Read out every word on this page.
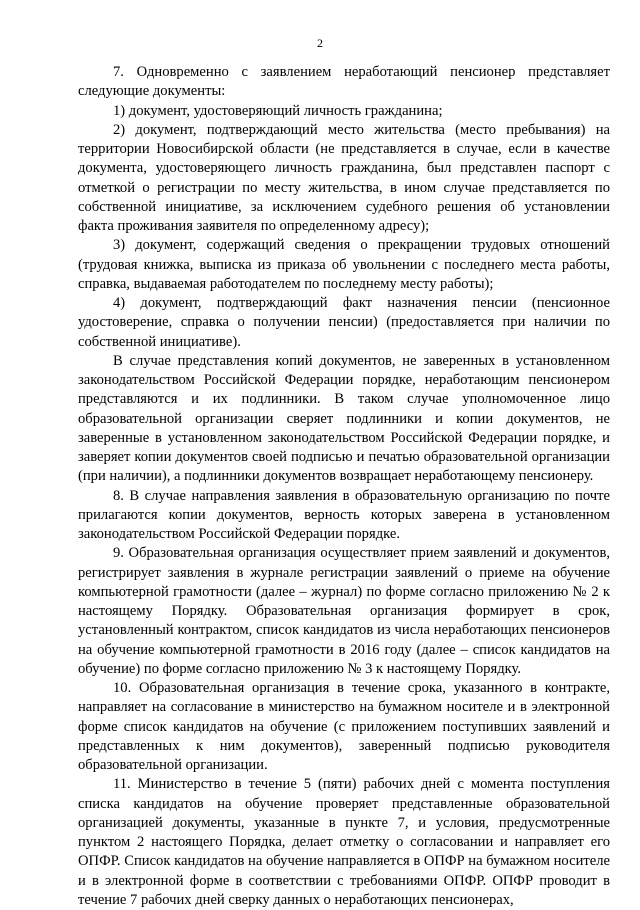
2

7. Одновременно с заявлением неработающий пенсионер представляет следующие документы:

1) документ, удостоверяющий личность гражданина;

2) документ, подтверждающий место жительства (место пребывания) на территории Новосибирской области (не представляется в случае, если в качестве документа, удостоверяющего личность гражданина, был представлен паспорт с отметкой о регистрации по месту жительства, в ином случае представляется по собственной инициативе, за исключением судебного решения об установлении факта проживания заявителя по определенному адресу);

3) документ, содержащий сведения о прекращении трудовых отношений (трудовая книжка, выписка из приказа об увольнении с последнего места работы, справка, выдаваемая работодателем по последнему месту работы);

4) документ, подтверждающий факт назначения пенсии (пенсионное удостоверение, справка о получении пенсии) (предоставляется при наличии по собственной инициативе).

В случае представления копий документов, не заверенных в установленном законодательством Российской Федерации порядке, неработающим пенсионером представляются и их подлинники. В таком случае уполномоченное лицо образовательной организации сверяет подлинники и копии документов, не заверенные в установленном законодательством Российской Федерации порядке, и заверяет копии документов своей подписью и печатью образовательной организации (при наличии), а подлинники документов возвращает неработающему пенсионеру.

8. В случае направления заявления в образовательную организацию по почте прилагаются копии документов, верность которых заверена в установленном законодательством Российской Федерации порядке.

9. Образовательная организация осуществляет прием заявлений и документов, регистрирует заявления в журнале регистрации заявлений о приеме на обучение компьютерной грамотности (далее – журнал) по форме согласно приложению № 2 к настоящему Порядку. Образовательная организация формирует в срок, установленный контрактом, список кандидатов из числа неработающих пенсионеров на обучение компьютерной грамотности в 2016 году (далее – список кандидатов на обучение) по форме согласно приложению № 3 к настоящему Порядку.

10. Образовательная организация в течение срока, указанного в контракте, направляет на согласование в министерство на бумажном носителе и в электронной форме список кандидатов на обучение (с приложением поступивших заявлений и представленных к ним документов), заверенный подписью руководителя образовательной организации.

11. Министерство в течение 5 (пяти) рабочих дней с момента поступления списка кандидатов на обучение проверяет представленные образовательной организацией документы, указанные в пункте 7, и условия, предусмотренные пунктом 2 настоящего Порядка, делает отметку о согласовании и направляет его ОПФР. Список кандидатов на обучение направляется в ОПФР на бумажном носителе и в электронной форме в соответствии с требованиями ОПФР. ОПФР проводит в течение 7 рабочих дней сверку данных о неработающих пенсионерах,
